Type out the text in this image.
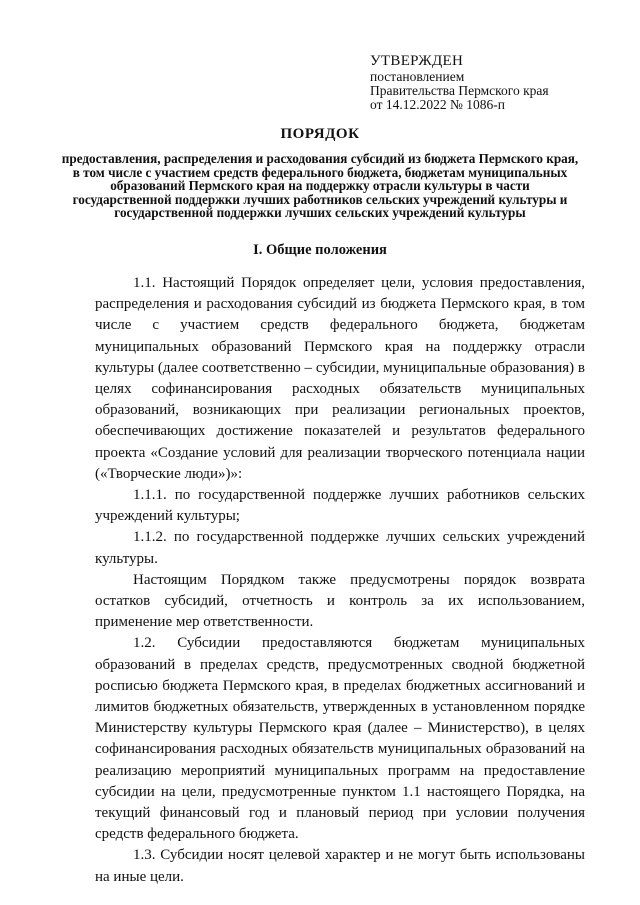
УТВЕРЖДЕН
постановлением
Правительства Пермского края
от 14.12.2022 № 1086-п
ПОРЯДОК
предоставления, распределения и расходования субсидий из бюджета Пермского края, в том числе с участием средств федерального бюджета, бюджетам муниципальных образований Пермского края на поддержку отрасли культуры в части государственной поддержки лучших работников сельских учреждений культуры и государственной поддержки лучших сельских учреждений культуры
I. Общие положения

1.1. Настоящий Порядок определяет цели, условия предоставления, распределения и расходования субсидий из бюджета Пермского края, в том числе с участием средств федерального бюджета, бюджетам муниципальных образований Пермского края на поддержку отрасли культуры (далее соответственно – субсидии, муниципальные образования) в целях софинансирования расходных обязательств муниципальных образований, возникающих при реализации региональных проектов, обеспечивающих достижение показателей и результатов федерального проекта «Создание условий для реализации творческого потенциала нации («Творческие люди»)»:

1.1.1. по государственной поддержке лучших работников сельских учреждений культуры;

1.1.2. по государственной поддержке лучших сельских учреждений культуры.

Настоящим Порядком также предусмотрены порядок возврата остатков субсидий, отчетность и контроль за их использованием, применение мер ответственности.

1.2. Субсидии предоставляются бюджетам муниципальных образований в пределах средств, предусмотренных сводной бюджетной росписью бюджета Пермского края, в пределах бюджетных ассигнований и лимитов бюджетных обязательств, утвержденных в установленном порядке Министерству культуры Пермского края (далее – Министерство), в целях софинансирования расходных обязательств муниципальных образований на реализацию мероприятий муниципальных программ на предоставление субсидии на цели, предусмотренные пунктом 1.1 настоящего Порядка, на текущий финансовый год и плановый период при условии получения средств федерального бюджета.

1.3. Субсидии носят целевой характер и не могут быть использованы на иные цели.
